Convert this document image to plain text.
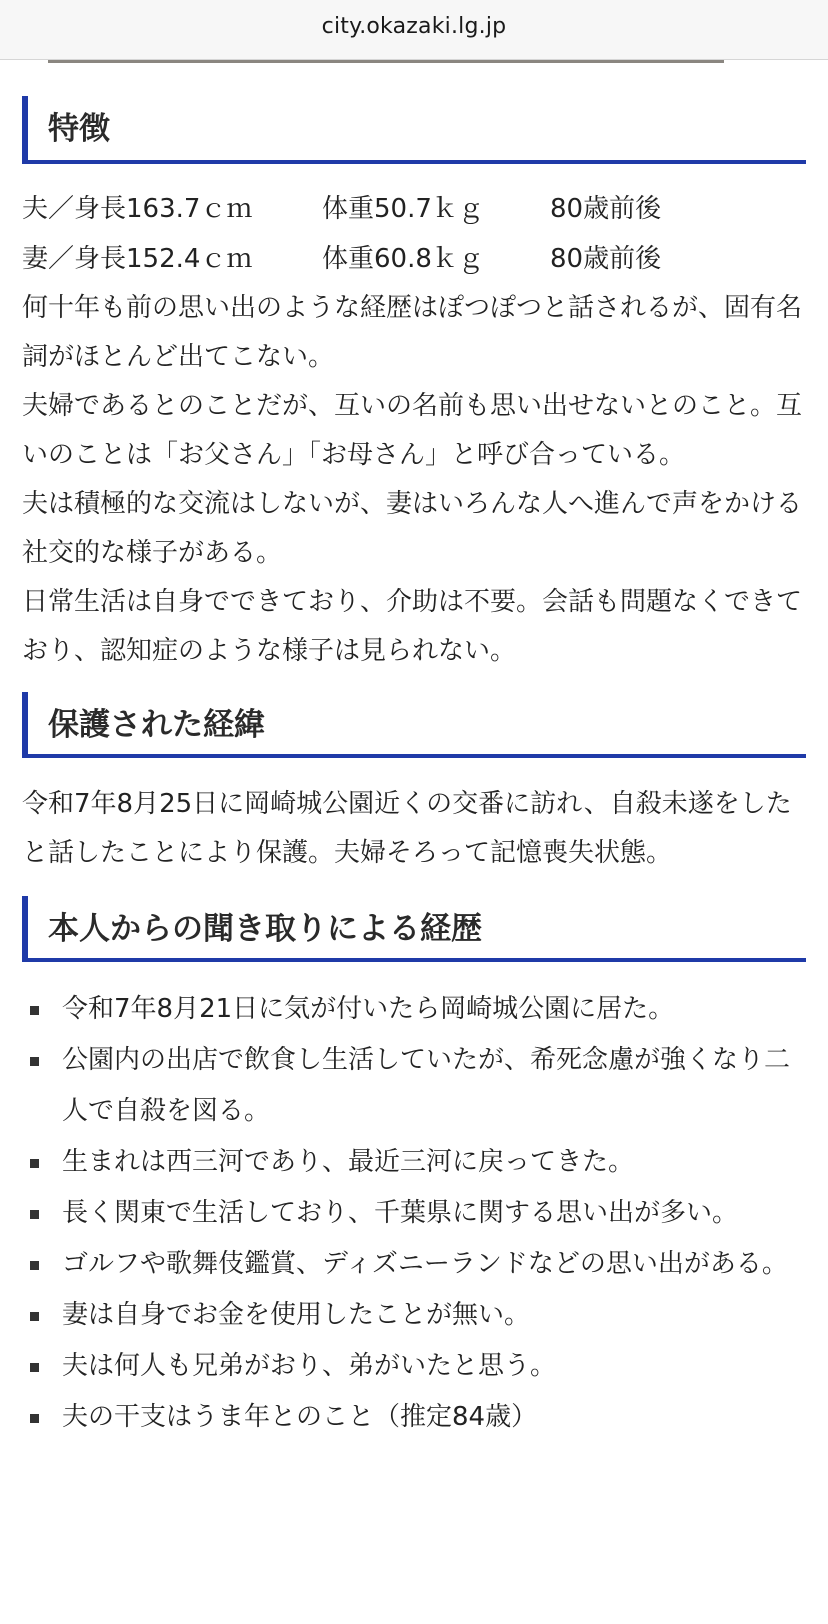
city.okazaki.lg.jp
特徴
夫／身長163.7ｃｍ	体重50.7ｋｇ	80歳前後
妻／身長152.4ｃｍ	体重60.8ｋｇ	80歳前後

何十年も前の思い出のような経歴はぽつぽつと話されるが、固有名詞がほとんど出てこない。

夫婦であるとのことだが、互いの名前も思い出せないとのこと。互いのことは「お父さん」「お母さん」と呼び合っている。

夫は積極的な交流はしないが、妻はいろんな人へ進んで声をかける社交的な様子がある。

日常生活は自身でできており、介助は不要。会話も問題なくできており、認知症のような様子は見られない。

保護された経緯

令和7年8月25日に岡崎城公園近くの交番に訪れ、自殺未遂をしたと話したことにより保護。夫婦そろって記憶喪失状態。

本人からの聞き取りによる経歴
令和7年8月21日に気が付いたら岡崎城公園に居た。
公園内の出店で飲食し生活していたが、希死念慮が強くなり二人で自殺を図る。
生まれは西三河であり、最近三河に戻ってきた。
長く関東で生活しており、千葉県に関する思い出が多い。
ゴルフや歌舞伎鑑賞、ディズニーランドなどの思い出がある。
妻は自身でお金を使用したことが無い。
夫は何人も兄弟がおり、弟がいたと思う。
夫の干支はうま年とのこと（推定84歳）
